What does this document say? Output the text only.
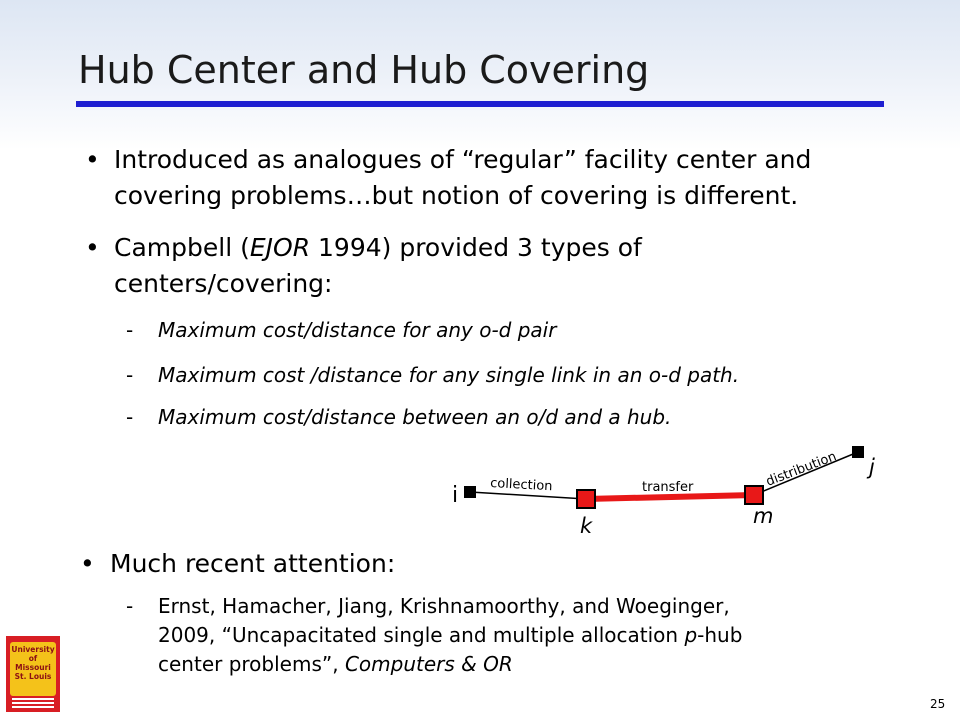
Hub Center and Hub Covering
• Introduced as analogues of “regular” facility center and
covering problems…but notion of covering is different.
• Campbell (EJOR 1994) provided 3 types of
centers/covering:
- Maximum cost/distance for any o-d pair
- Maximum cost /distance for any single link in an o-d path.
- Maximum cost/distance between an o/d and a hub.
i
k	m
j
collection	transfer	distribution
• Much recent attention:
- Ernst, Hamacher, Jiang, Krishnamoorthy, and Woeginger,
2009, “Uncapacitated single and multiple allocation p-hub
center problems”, Computers & OR
University
of Missouri
St. Louis
25
